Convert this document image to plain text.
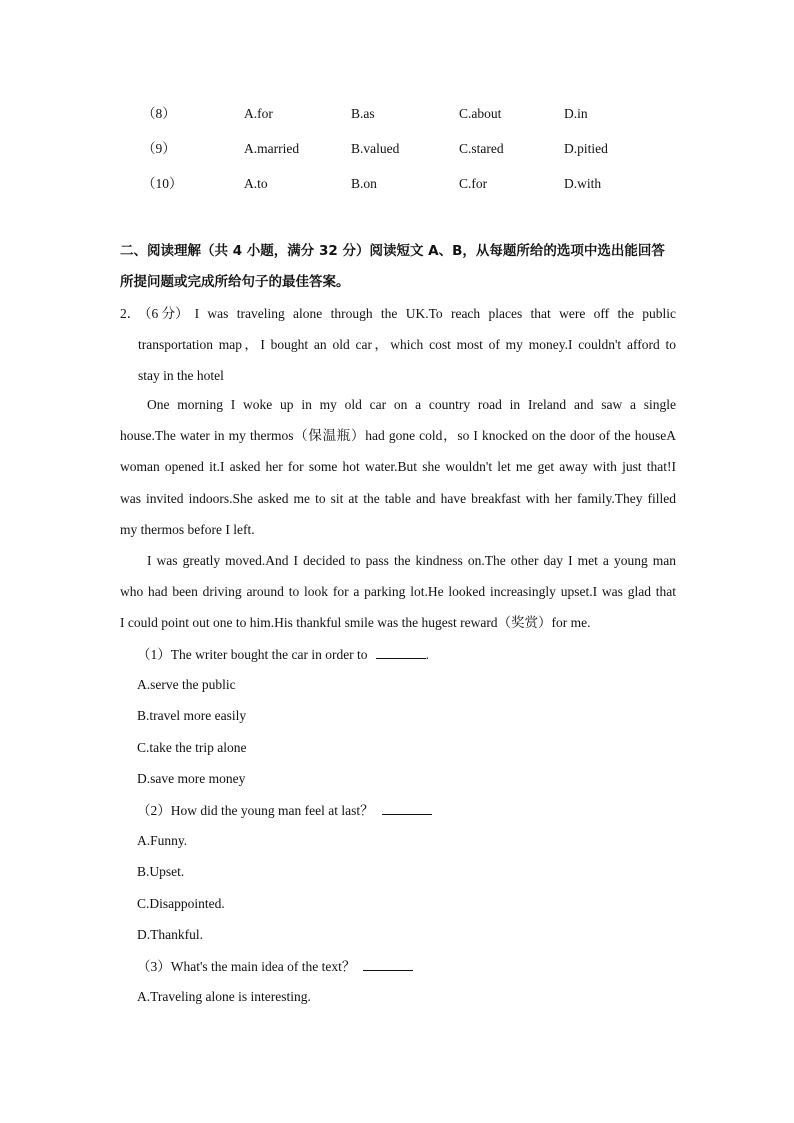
（8）	A.for	B.as	C.about	D.in
（9）	A.married	B.valued	C.stared	D.pitied
（10）	A.to	B.on	C.for	D.with
二、阅读理解（共 4 小题，满分 32 分）阅读短文 A、B，从每题所给的选项中选出能回答
所提问题或完成所给句子的最佳答案。
2．
（6 分） I was traveling alone through the UK.To reach places that were off the public
transportation map，I bought an old car，which cost most of my money.I couldn't afford to
stay in the hotel
One morning I woke up in my old car on a country road in Ireland and saw a single
house.The water in my thermos（保温瓶）had gone cold，so I knocked on the door of the houseA
woman opened it.I asked her for some hot water.But she wouldn't let me get away with just that!I
was invited indoors.She asked me to sit at the table and have breakfast with her family.They filled
my thermos before I left.
I was greatly moved.And I decided to pass the kindness on.The other day I met a young man
who had been driving around to look for a parking lot.He looked increasingly upset.I was glad that
I could point out one to him.His thankful smile was the hugest reward（奖赏）for me.
（1）The writer bought the car in order to	.
A.serve the public
B.travel more easily
C.take the trip alone
D.save more money
（2）How did the young man feel at last？
A.Funny.
B.Upset.
C.Disappointed.
D.Thankful.
（3）What's the main idea of the text？
A.Traveling alone is interesting.
